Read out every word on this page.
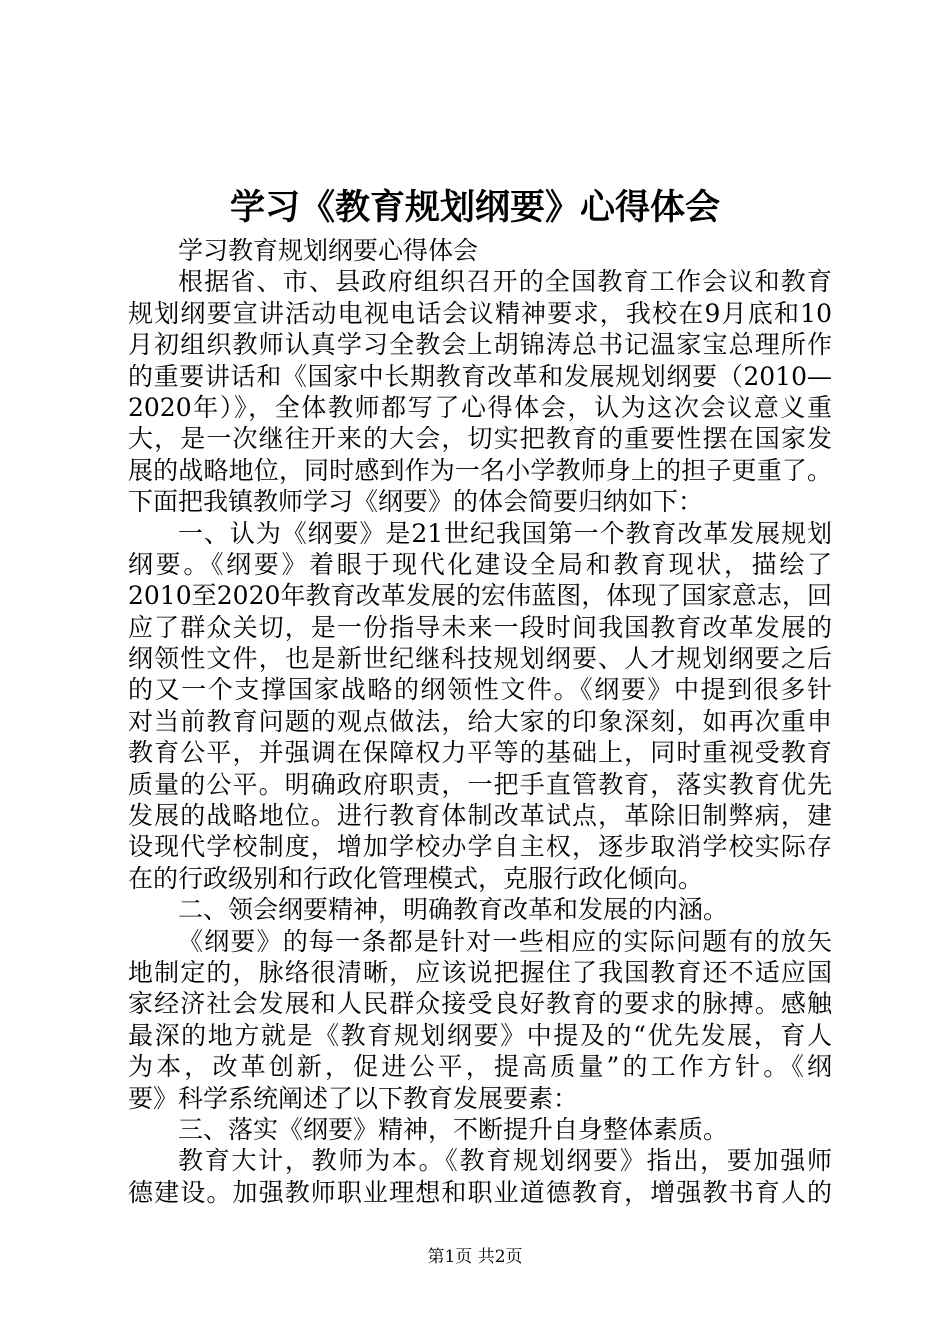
学习《教育规划纲要》心得体会
学习教育规划纲要心得体会
根据省、市、县政府组织召开的全国教育工作会议和教育
规划纲要宣讲活动电视电话会议精神要求，我校在9月底和10
月初组织教师认真学习全教会上胡锦涛总书记温家宝总理所作
的重要讲话和《国家中长期教育改革和发展规划纲要（2010—
2020年）》，全体教师都写了心得体会，认为这次会议意义重
大，是一次继往开来的大会，切实把教育的重要性摆在国家发
展的战略地位，同时感到作为一名小学教师身上的担子更重了。
下面把我镇教师学习《纲要》的体会简要归纳如下：
一、认为《纲要》是21世纪我国第一个教育改革发展规划
纲要。《纲要》着眼于现代化建设全局和教育现状，描绘了
2010至2020年教育改革发展的宏伟蓝图，体现了国家意志，回
应了群众关切，是一份指导未来一段时间我国教育改革发展的
纲领性文件，也是新世纪继科技规划纲要、人才规划纲要之后
的又一个支撑国家战略的纲领性文件。《纲要》中提到很多针
对当前教育问题的观点做法，给大家的印象深刻，如再次重申
教育公平，并强调在保障权力平等的基础上，同时重视受教育
质量的公平。明确政府职责，一把手直管教育，落实教育优先
发展的战略地位。进行教育体制改革试点，革除旧制弊病，建
设现代学校制度，增加学校办学自主权，逐步取消学校实际存
在的行政级别和行政化管理模式，克服行政化倾向。
二、领会纲要精神，明确教育改革和发展的内涵。
《纲要》的每一条都是针对一些相应的实际问题有的放矢
地制定的，脉络很清晰，应该说把握住了我国教育还不适应国
家经济社会发展和人民群众接受良好教育的要求的脉搏。感触
最深的地方就是《教育规划纲要》中提及的“优先发展，育人
为本，改革创新，促进公平，提高质量”的工作方针。《纲
要》科学系统阐述了以下教育发展要素：
三、落实《纲要》精神，不断提升自身整体素质。
教育大计，教师为本。《教育规划纲要》指出，要加强师
德建设。加强教师职业理想和职业道德教育，增强教书育人的
第1页 共2页
